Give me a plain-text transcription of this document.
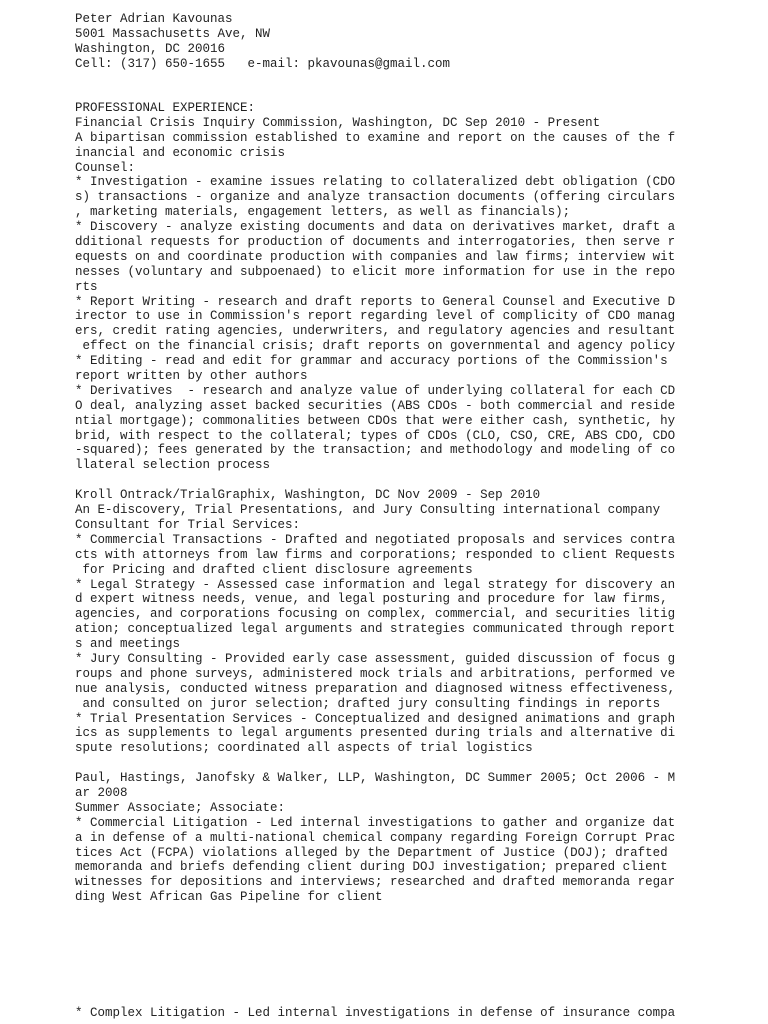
Peter Adrian Kavounas
5001 Massachusetts Ave, NW
Washington, DC 20016
Cell: (317) 650-1655   e-mail: pkavounas@gmail.com
PROFESSIONAL EXPERIENCE:
Financial Crisis Inquiry Commission, Washington, DC Sep 2010 - Present
A bipartisan commission established to examine and report on the causes of the f
inancial and economic crisis
Counsel:
* Investigation - examine issues relating to collateralized debt obligation (CDO
s) transactions - organize and analyze transaction documents (offering circulars
, marketing materials, engagement letters, as well as financials);
* Discovery - analyze existing documents and data on derivatives market, draft a
dditional requests for production of documents and interrogatories, then serve r
equests on and coordinate production with companies and law firms; interview wit
nesses (voluntary and subpoenaed) to elicit more information for use in the repo
rts
* Report Writing - research and draft reports to General Counsel and Executive D
irector to use in Commission's report regarding level of complicity of CDO manag
ers, credit rating agencies, underwriters, and regulatory agencies and resultant
effect on the financial crisis; draft reports on governmental and agency policy
* Editing - read and edit for grammar and accuracy portions of the Commission's
report written by other authors
* Derivatives  - research and analyze value of underlying collateral for each CD
O deal, analyzing asset backed securities (ABS CDOs - both commercial and reside
ntial mortgage); commonalities between CDOs that were either cash, synthetic, hy
brid, with respect to the collateral; types of CDOs (CLO, CSO, CRE, ABS CDO, CDO
-squared); fees generated by the transaction; and methodology and modeling of co
llateral selection process
Kroll Ontrack/TrialGraphix, Washington, DC Nov 2009 - Sep 2010
An E-discovery, Trial Presentations, and Jury Consulting international company
Consultant for Trial Services:
* Commercial Transactions - Drafted and negotiated proposals and services contra
cts with attorneys from law firms and corporations; responded to client Requests
for Pricing and drafted client disclosure agreements
* Legal Strategy - Assessed case information and legal strategy for discovery an
d expert witness needs, venue, and legal posturing and procedure for law firms,
agencies, and corporations focusing on complex, commercial, and securities litig
ation; conceptualized legal arguments and strategies communicated through report
s and meetings
* Jury Consulting - Provided early case assessment, guided discussion of focus g
roups and phone surveys, administered mock trials and arbitrations, performed ve
nue analysis, conducted witness preparation and diagnosed witness effectiveness,
and consulted on juror selection; drafted jury consulting findings in reports
* Trial Presentation Services - Conceptualized and designed animations and graph
ics as supplements to legal arguments presented during trials and alternative di
spute resolutions; coordinated all aspects of trial logistics
Paul, Hastings, Janofsky & Walker, LLP, Washington, DC Summer 2005; Oct 2006 - M
ar 2008
Summer Associate; Associate:
* Commercial Litigation - Led internal investigations to gather and organize dat
a in defense of a multi-national chemical company regarding Foreign Corrupt Prac
tices Act (FCPA) violations alleged by the Department of Justice (DOJ); drafted
memoranda and briefs defending client during DOJ investigation; prepared client
witnesses for depositions and interviews; researched and drafted memoranda regar
ding West African Gas Pipeline for client
* Complex Litigation - Led internal investigations in defense of insurance compa
